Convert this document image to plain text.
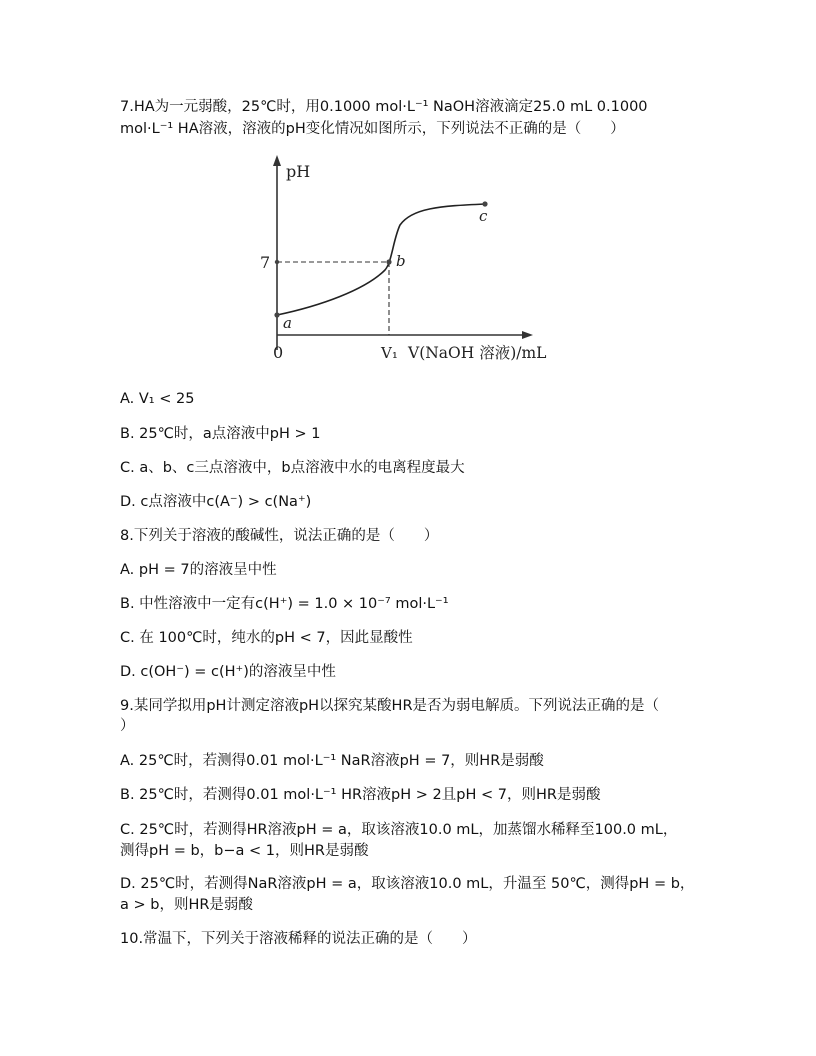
7.HA为一元弱酸，25℃时，用0.1000 mol·L⁻¹ NaOH溶液滴定25.0 mL 0.1000
mol·L⁻¹ HA溶液，溶液的pH变化情况如图所示，下列说法不正确的是（　　）
pH
7
0	V₁ V(NaOH 溶液)/mL
a
b
c
A. V₁ < 25
B. 25℃时，a点溶液中pH > 1
C. a、b、c三点溶液中，b点溶液中水的电离程度最大
D. c点溶液中c(A⁻) > c(Na⁺)
8.下列关于溶液的酸碱性，说法正确的是（　　）
A. pH = 7的溶液呈中性
B. 中性溶液中一定有c(H⁺) = 1.0 × 10⁻⁷ mol·L⁻¹
C. 在 100℃时，纯水的pH < 7，因此显酸性
D. c(OH⁻) = c(H⁺)的溶液呈中性
9.某同学拟用pH计测定溶液pH以探究某酸HR是否为弱电解质。下列说法正确的是（
）
A. 25℃时，若测得0.01 mol·L⁻¹ NaR溶液pH = 7，则HR是弱酸
B. 25℃时，若测得0.01 mol·L⁻¹ HR溶液pH > 2且pH < 7，则HR是弱酸
C. 25℃时，若测得HR溶液pH = a，取该溶液10.0 mL，加蒸馏水稀释至100.0 mL，
测得pH = b，b−a < 1，则HR是弱酸
D. 25℃时，若测得NaR溶液pH = a，取该溶液10.0 mL，升温至 50℃，测得pH = b，
a > b，则HR是弱酸
10.常温下，下列关于溶液稀释的说法正确的是（　　）
